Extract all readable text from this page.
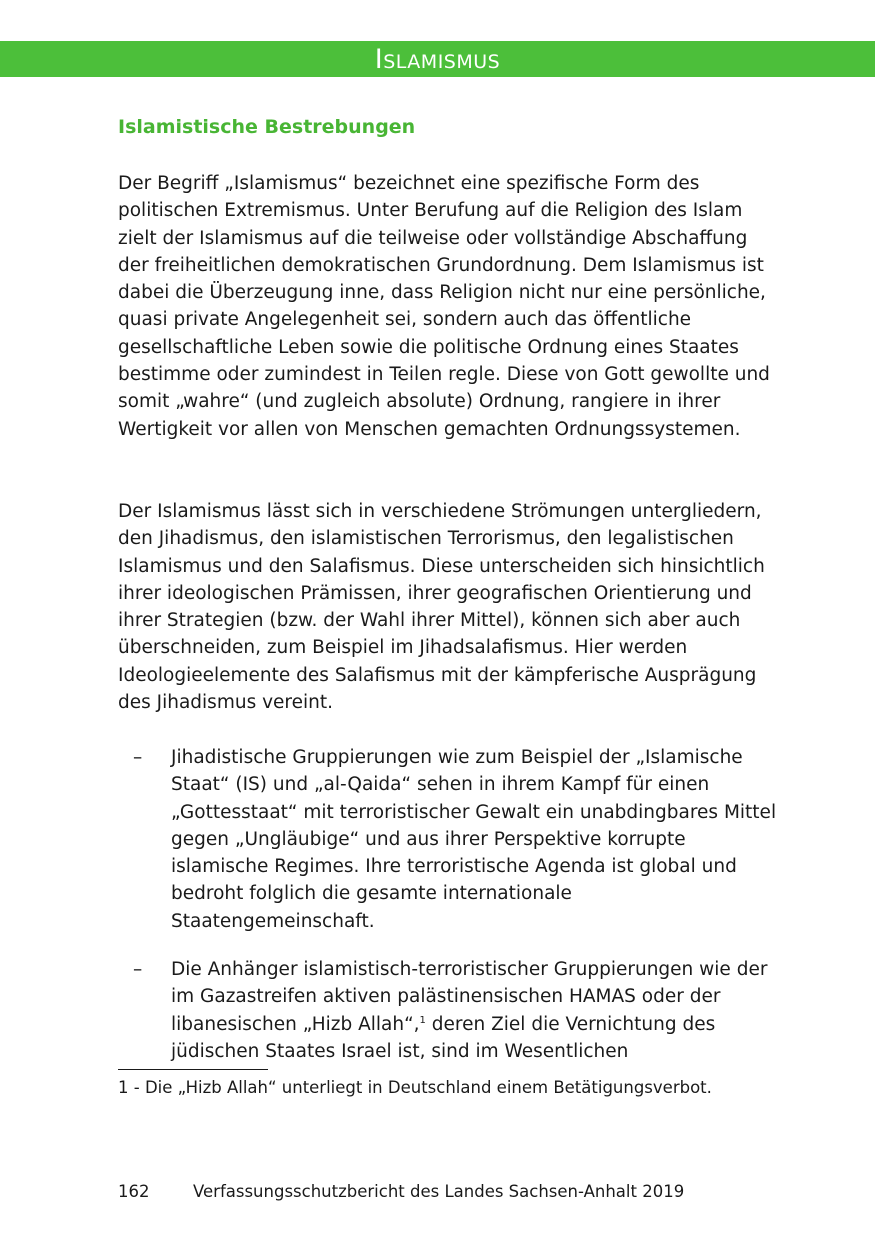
Islamismus
Islamistische Bestrebungen

Der Begriff „Islamismus“ bezeichnet eine spezifische Form des politischen Extremismus. Unter Berufung auf die Religion des Islam zielt der Islamismus auf die teilweise oder vollständige Abschaffung der freiheitlichen demokratischen Grundordnung. Dem Islamismus ist dabei die Überzeugung inne, dass Religion nicht nur eine persönliche, quasi private Angelegenheit sei, sondern auch das öffentliche gesellschaftliche Leben sowie die politische Ordnung eines Staates bestimme oder zumindest in Teilen regle. Diese von Gott gewollte und somit „wahre“ (und zugleich absolute) Ordnung, rangiere in ihrer Wertigkeit vor allen von Menschen gemachten Ordnungssystemen.

Der Islamismus lässt sich in verschiedene Strömungen untergliedern, den Jihadismus, den islamistischen Terrorismus, den legalistischen Islamismus und den Salafismus. Diese unterscheiden sich hinsichtlich ihrer ideologischen Prämissen, ihrer geografischen Orientierung und ihrer Strategien (bzw. der Wahl ihrer Mittel), können sich aber auch überschneiden, zum Beispiel im Jihadsalafismus. Hier werden Ideologieelemente des Salafismus mit der kämpferische Ausprägung des Jihadismus vereint.

– Jihadistische Gruppierungen wie zum Beispiel der „Islamische Staat“ (IS) und „al-Qaida“ sehen in ihrem Kampf für einen „Gottesstaat“ mit terroristischer Gewalt ein unabdingbares Mittel gegen „Ungläubige“ und aus ihrer Perspektive korrupte islamische Regimes. Ihre terroristische Agenda ist global und bedroht folglich die gesamte internationale Staatengemeinschaft.
– Die Anhänger islamistisch-terroristischer Gruppierungen wie der im Gazastreifen aktiven palästinensischen HAMAS oder der libanesischen „Hizb Allah“,$^1$ deren Ziel die Vernichtung des jüdischen Staates Israel ist, sind im Wesentlichen
1 - Die „Hizb Allah“ unterliegt in Deutschland einem Betätigungsverbot.
162	Verfassungsschutzbericht des Landes Sachsen-Anhalt 2019
